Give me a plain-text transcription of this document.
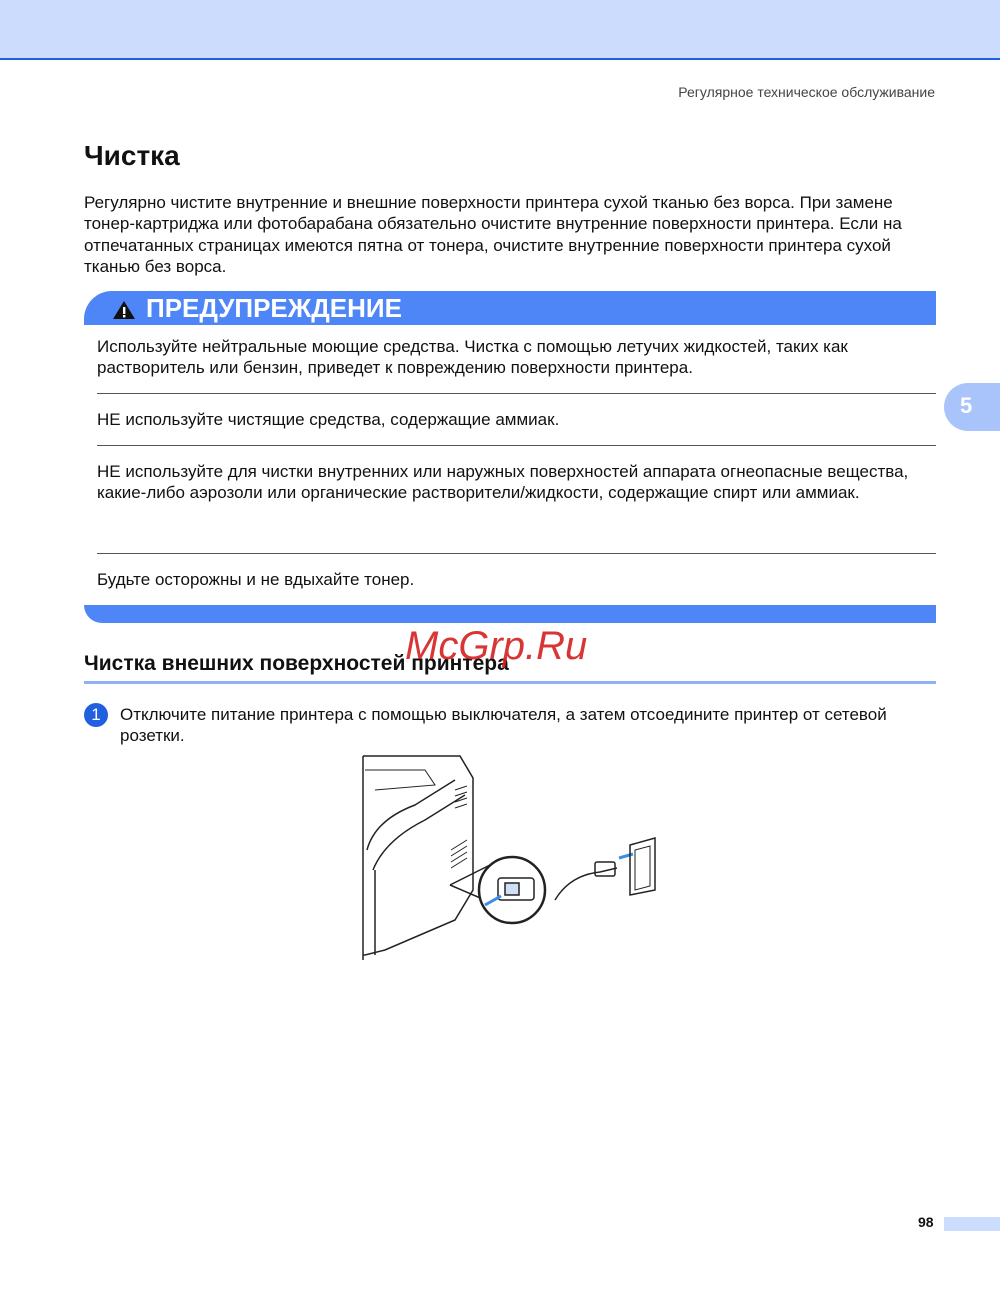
Регулярное техническое обслуживание
Чистка
Регулярно чистите внутренние и внешние поверхности принтера сухой тканью без ворса. При замене тонер-картриджа или фотобарабана обязательно очистите внутренние поверхности принтера. Если на отпечатанных страницах имеются пятна от тонера, очистите внутренние поверхности принтера сухой тканью без ворса.
ПРЕДУПРЕЖДЕНИЕ
Используйте нейтральные моющие средства. Чистка с помощью летучих жидкостей, таких как растворитель или бензин, приведет к повреждению поверхности принтера.
НЕ используйте чистящие средства, содержащие аммиак.
НЕ используйте для чистки внутренних или наружных поверхностей аппарата огнеопасные вещества, какие-либо аэрозоли или органические растворители/жидкости, содержащие спирт или аммиак.
Будьте осторожны и не вдыхайте тонер.
5
Чистка внешних поверхностей принтера
McGrp.Ru
1	Отключите питание принтера с помощью выключателя, а затем отсоедините принтер от сетевой розетки.
98
